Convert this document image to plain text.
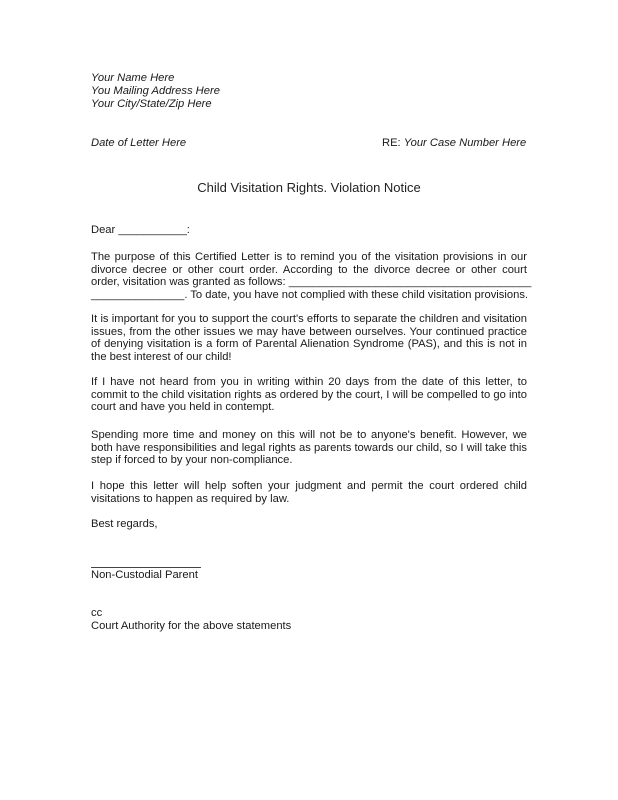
Your Name Here
You Mailing Address Here
Your City/State/Zip Here
Date of Letter Here	RE: Your Case Number Here
Child Visitation Rights. Violation Notice
Dear ___________:
The purpose of this Certified Letter is to remind you of the visitation provisions in our
divorce decree or other court order. According to the divorce decree or other court
order, visitation was granted as follows: _______________________________________
_______________. To date, you have not complied with these child visitation provisions.
It is important for you to support the court's efforts to separate the children and visitation
issues, from the other issues we may have between ourselves. Your continued practice
of denying visitation is a form of Parental Alienation Syndrome (PAS), and this is not in
the best interest of our child!
If I have not heard from you in writing within 20 days from the date of this letter, to
commit to the child visitation rights as ordered by the court, I will be compelled to go into
court and have you held in contempt.
Spending more time and money on this will not be to anyone's benefit. However, we
both have responsibilities and legal rights as parents towards our child, so I will take this
step if forced to by your non-compliance.
I hope this letter will help soften your judgment and permit the court ordered child
visitations to happen as required by law.
Best regards,
Non-Custodial Parent
cc
Court Authority for the above statements
